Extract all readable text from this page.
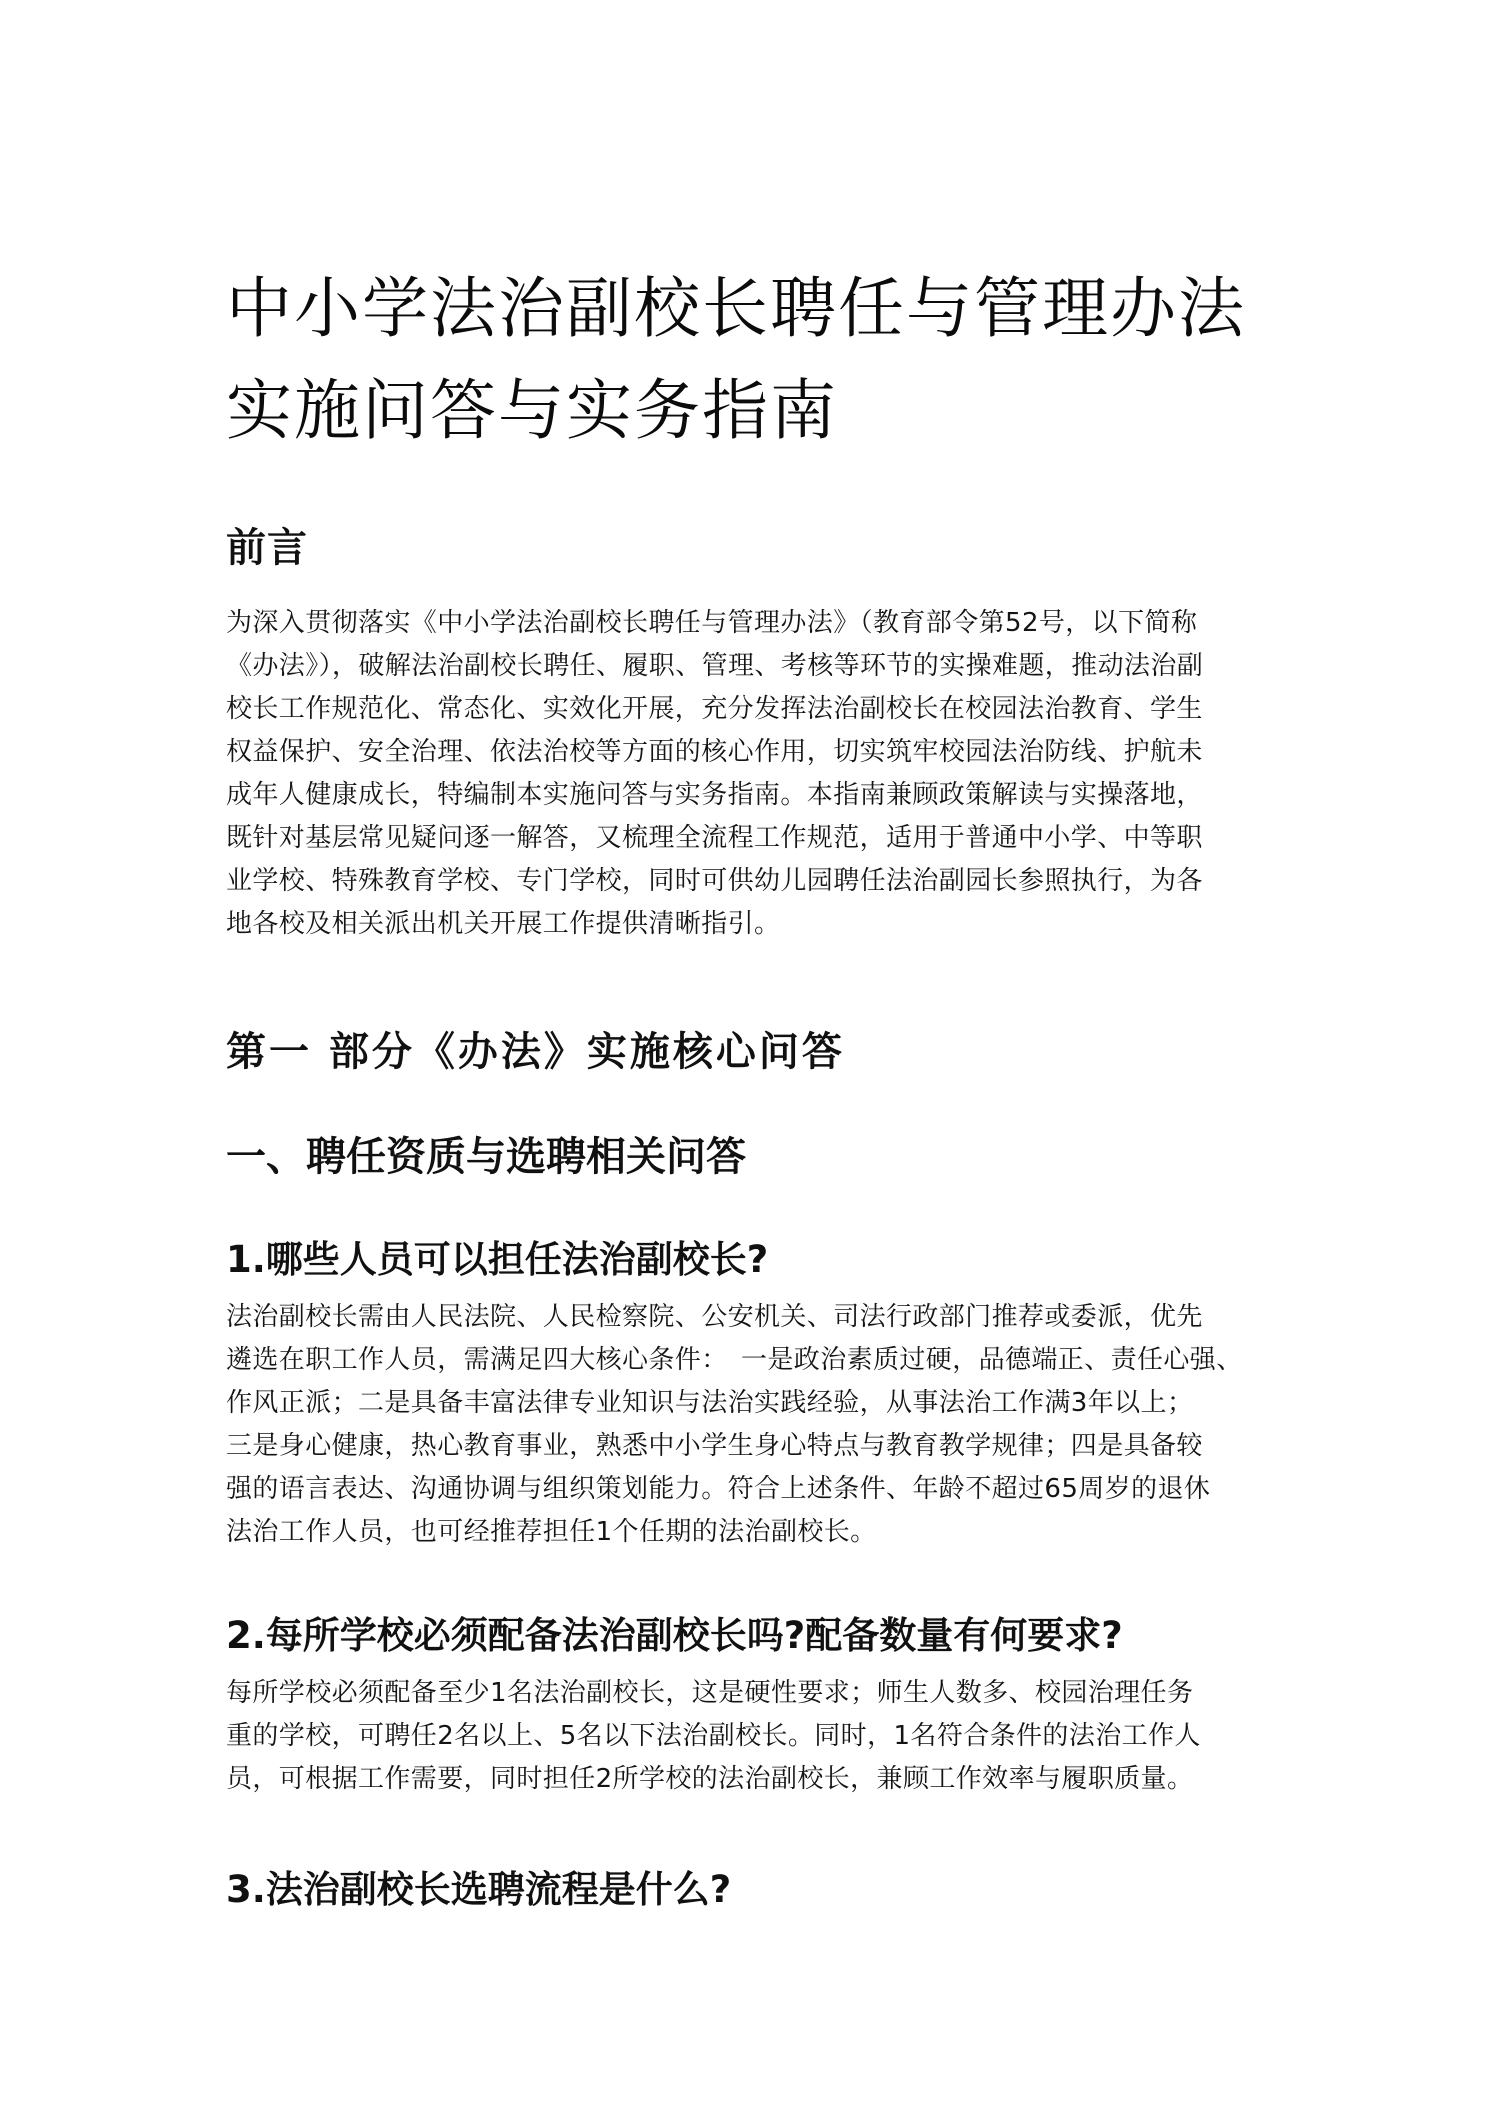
中小学法治副校长聘任与管理办法
实施问答与实务指南
前言

为深入贯彻落实《中小学法治副校长聘任与管理办法》（教育部令第52号，以下简称
《办法》），破解法治副校长聘任、履职、管理、考核等环节的实操难题，推动法治副
校长工作规范化、常态化、实效化开展，充分发挥法治副校长在校园法治教育、学生
权益保护、安全治理、依法治校等方面的核心作用，切实筑牢校园法治防线、护航未
成年人健康成长，特编制本实施问答与实务指南。本指南兼顾政策解读与实操落地，
既针对基层常见疑问逐一解答，又梳理全流程工作规范，适用于普通中小学、中等职
业学校、特殊教育学校、专门学校，同时可供幼儿园聘任法治副园长参照执行，为各
地各校及相关派出机关开展工作提供清晰指引。

第一 部分《办法》实施核心问答
一、聘任资质与选聘相关问答
1.哪些人员可以担任法治副校长?

法治副校长需由人民法院、人民检察院、公安机关、司法行政部门推荐或委派，优先
遴选在职工作人员，需满足四大核心条件：　一是政治素质过硬，品德端正、责任心强、
作风正派；二是具备丰富法律专业知识与法治实践经验，从事法治工作满3年以上；
三是身心健康，热心教育事业，熟悉中小学生身心特点与教育教学规律；四是具备较
强的语言表达、沟通协调与组织策划能力。符合上述条件、年龄不超过65周岁的退休
法治工作人员，也可经推荐担任1个任期的法治副校长。

2.每所学校必须配备法治副校长吗?配备数量有何要求?

每所学校必须配备至少1名法治副校长，这是硬性要求；师生人数多、校园治理任务
重的学校，可聘任2名以上、5名以下法治副校长。同时，1名符合条件的法治工作人
员，可根据工作需要，同时担任2所学校的法治副校长，兼顾工作效率与履职质量。

3.法治副校长选聘流程是什么?
